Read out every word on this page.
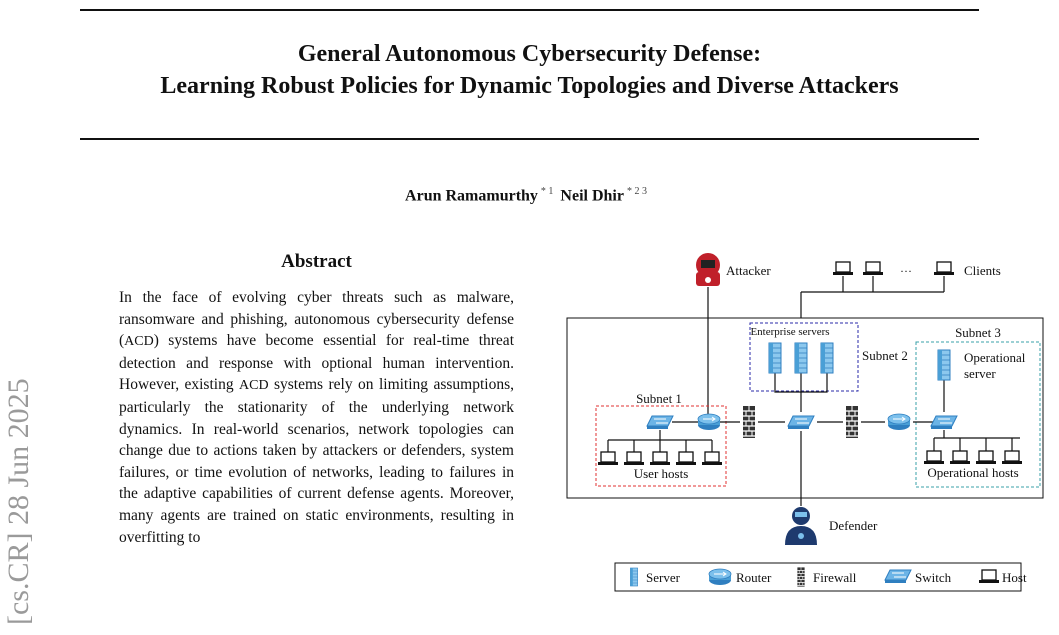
General Autonomous Cybersecurity Defense:
Learning Robust Policies for Dynamic Topologies and Diverse Attackers
Arun Ramamurthy $^{* 1}$ Neil Dhir $^{* 2 3}$
[cs.CR] 28 Jun 2025
Abstract
In the face of evolving cyber threats such as malware, ransomware and phishing, autonomous cybersecurity defense (ACD) systems have become essential for real-time threat detection and response with optional human intervention. However, existing ACD systems rely on limiting assumptions, particularly the stationarity of the underlying network dynamics. In real-world scenarios, network topologies can change due to actions taken by attackers or defenders, system failures, or time evolution of networks, leading to failures in the adaptive capabilities of current defense agents. Moreover, many agents are trained on static environments, resulting in overfitting to
Attacker	···	Clients
Enterprise servers
Subnet 2
Subnet 1
Subnet 3
Operational
server
User hosts	Operational hosts
Defender
Server	Router	Firewall	Switch	Host
